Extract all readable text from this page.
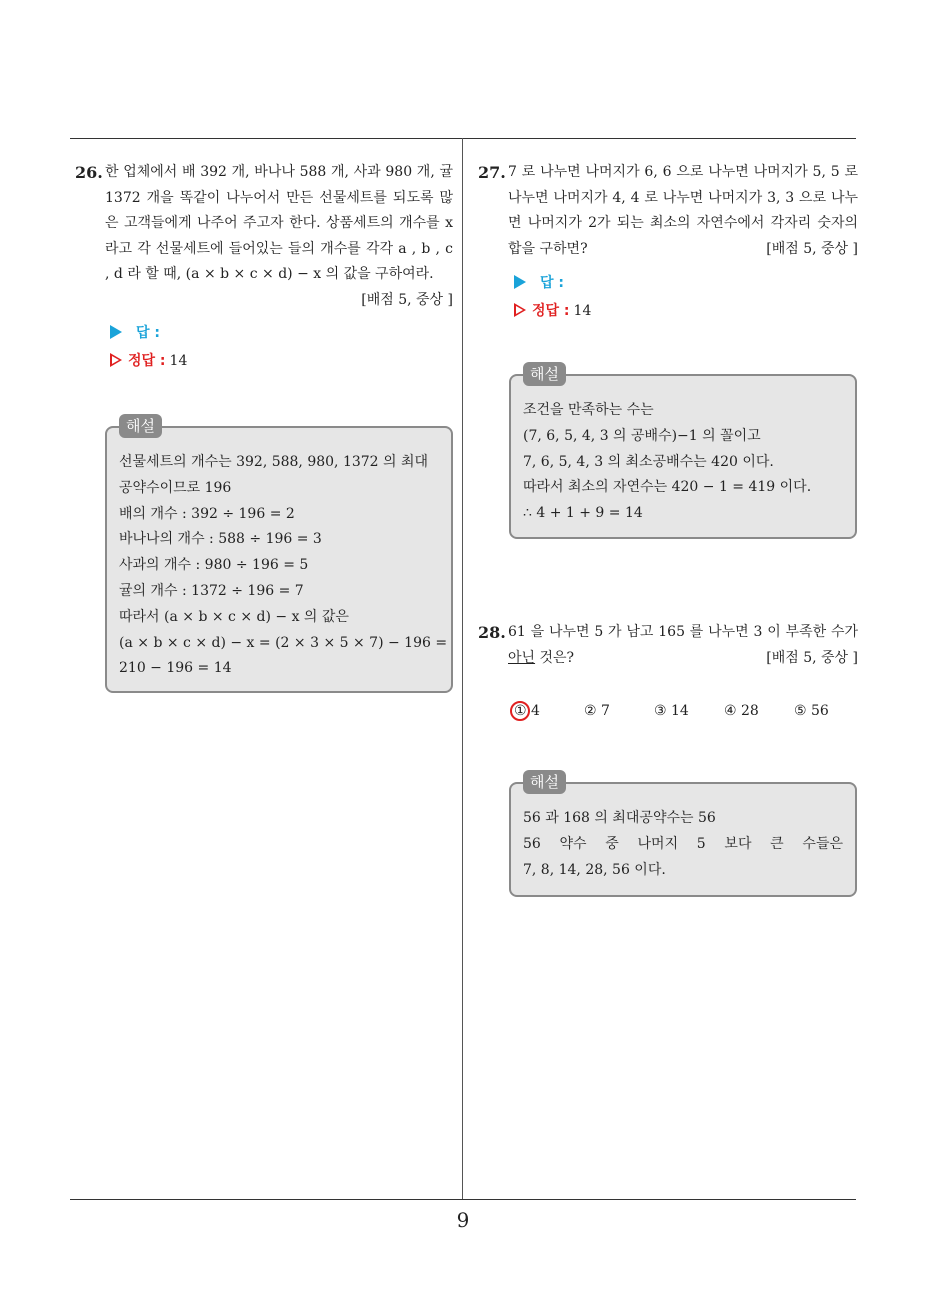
9
26. 한 업체에서 배 392 개, 바나나 588 개, 사과 980 개, 귤 1372 개을 똑같이 나누어서 만든 선물세트를 되도록 많은 고객들에게 나주어 주고자 한다. 상품세트의 개수를 x 라고 각 선물세트에 들어있는 들의 개수를 각각 a , b , c , d 라 할 때, (a × b × c × d) − x 의 값을 구하여라.
[배점 5, 중상 ]
답 :
정답 : 14
해설
선물세트의 개수는 392, 588, 980, 1372 의 최대
공약수이므로 196
배의 개수 : 392 ÷ 196 = 2
바나나의 개수 : 588 ÷ 196 = 3
사과의 개수 : 980 ÷ 196 = 5
귤의 개수 : 1372 ÷ 196 = 7
따라서 (a × b × c × d) − x 의 값은
(a × b × c × d) − x = (2 × 3 × 5 × 7) − 196 =
210 − 196 = 14
27. 7 로 나누면 나머지가 6, 6 으로 나누면 나머지가 5, 5 로 나누면 나머지가 4, 4 로 나누면 나머지가 3, 3 으로 나누면 나머지가 2가 되는 최소의 자연수에서 각자리 숫자의 합을 구하면?	[배점 5, 중상 ]
답 :
정답 : 14
해설
조건을 만족하는 수는
(7, 6, 5, 4, 3 의 공배수)−1 의 꼴이고
7, 6, 5, 4, 3 의 최소공배수는 420 이다.
따라서 최소의 자연수는 420 − 1 = 419 이다.
∴ 4 + 1 + 9 = 14
28. 61 을 나누면 5 가 남고 165 를 나누면 3 이 부족한 수가 아닌 것은?	[배점 5, 중상 ]
① 4	② 7	③ 14	④ 28	⑤ 56
해설
56 과 168 의 최대공약수는 56
56 약수 중 나머지 5 보다 큰 수들은
7, 8, 14, 28, 56 이다.
